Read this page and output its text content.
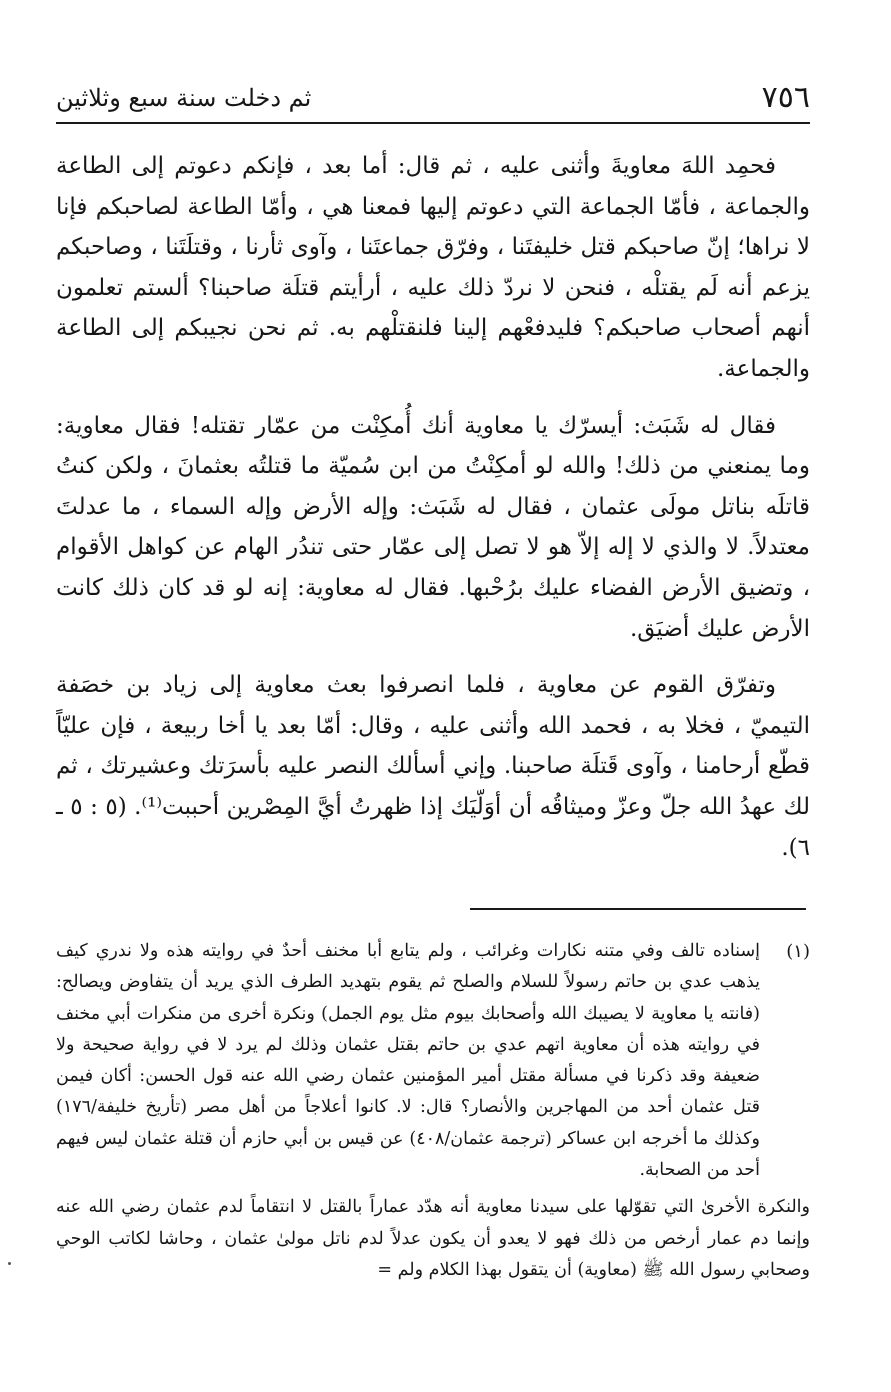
٧٥٦
ثم دخلت سنة سبع وثلاثين

فحمِد اللهَ معاويةَ وأثنى عليه ، ثم قال: أما بعد ، فإنكم دعوتم إلى الطاعة والجماعة ، فأمّا الجماعة التي دعوتم إليها فمعنا هي ، وأمّا الطاعة لصاحبكم فإنا لا نراها؛ إنّ صاحبكم قتل خليفتَنا ، وفرّق جماعتَنا ، وآوى ثأرنا ، وقتلَتَنا ، وصاحبكم يزعم أنه لَم يقتلْه ، فنحن لا نردّ ذلك عليه ، أرأيتم قتلَة صاحبنا؟ ألستم تعلمون أنهم أصحاب صاحبكم؟ فليدفعْهم إلينا فلنقتلْهم به. ثم نحن نجيبكم إلى الطاعة والجماعة.

فقال له شَبَث: أيسرّك يا معاوية أنك أُمكِنْت من عمّار تقتله! فقال معاوية: وما يمنعني من ذلك! والله لو أمكِنْتُ من ابن سُميّة ما قتلتُه بعثمانَ ، ولكن كنتُ قاتلَه بناتل مولَى عثمان ، فقال له شَبَث: وإله الأرض وإله السماء ، ما عدلتَ معتدلاً. لا والذي لا إله إلاّ هو لا تصل إلى عمّار حتى تندُر الهام عن كواهل الأقوام ، وتضيق الأرض الفضاء عليك برُحْبها. فقال له معاوية: إنه لو قد كان ذلك كانت الأرض عليك أضيَق.

وتفرّق القوم عن معاوية ، فلما انصرفوا بعث معاوية إلى زياد بن خصَفة التيميّ ، فخلا به ، فحمد الله وأثنى عليه ، وقال: أمّا بعد يا أخا ربيعة ، فإن عليّاً قطّع أرحامنا ، وآوى قَتلَة صاحبنا. وإني أسألك النصر عليه بأسرَتك وعشيرتك ، ثم لك عهدُ الله جلّ وعزّ وميثاقُه أن أوَلّيَك إذا ظهرتُ أيَّ المِصْرين أحببت⁽¹⁾. (٥ : ٥ ـ ٦).

(١)

إسناده تالف وفي متنه نكارات وغرائب ، ولم يتابع أبا مخنف أحدٌ في روايته هذه ولا ندري كيف يذهب عدي بن حاتم رسولاً للسلام والصلح ثم يقوم بتهديد الطرف الذي يريد أن يتفاوض ويصالح: (فانته يا معاوية لا يصيبك الله وأصحابك بيوم مثل يوم الجمل) ونكرة أخرى من منكرات أبي مخنف في روايته هذه أن معاوية اتهم عدي بن حاتم بقتل عثمان وذلك لم يرد لا في رواية صحيحة ولا ضعيفة وقد ذكرنا في مسألة مقتل أمير المؤمنين عثمان رضي الله عنه قول الحسن: أكان فيمن قتل عثمان أحد من المهاجرين والأنصار؟ قال: لا. كانوا أعلاجاً من أهل مصر (تأريخ خليفة/١٧٦) وكذلك ما أخرجه ابن عساكر (ترجمة عثمان/٤٠٨) عن قيس بن أبي حازم أن قتلة عثمان ليس فيهم أحد من الصحابة.

والنكرة الأخرىٰ التي تقوّلها على سيدنا معاوية أنه هدّد عماراً بالقتل لا انتقاماً لدم عثمان رضي الله عنه وإنما دم عمار أرخص من ذلك فهو لا يعدو أن يكون عدلاً لدم ناتل مولىٰ عثمان ، وحاشا لكاتب الوحي وصحابي رسول الله ﷺ (معاوية) أن يتقول بهذا الكلام ولم =
